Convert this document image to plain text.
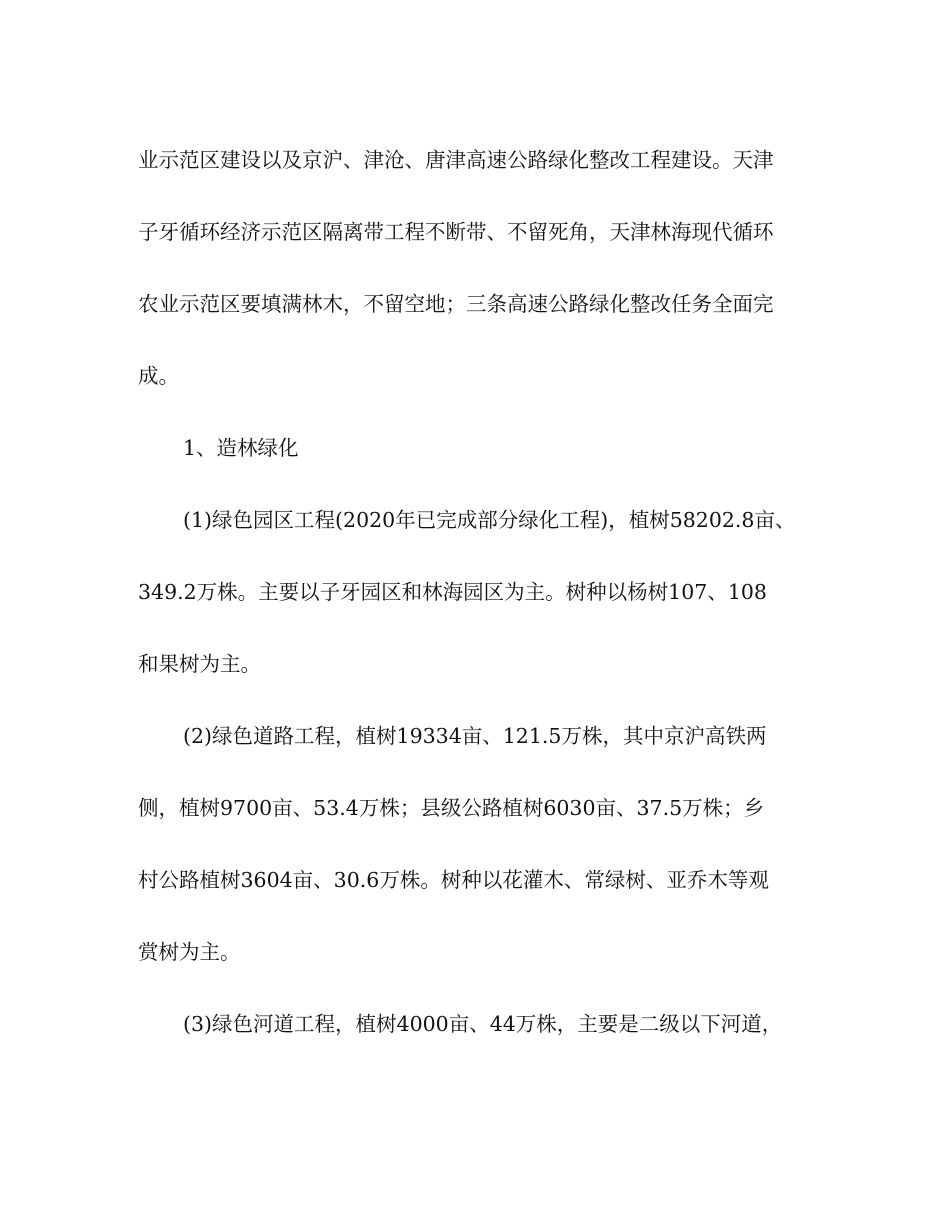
业示范区建设以及京沪、津沧、唐津高速公路绿化整改工程建设。天津
子牙循环经济示范区隔离带工程不断带、不留死角，天津林海现代循环
农业示范区要填满林木，不留空地；三条高速公路绿化整改任务全面完
成。
1、造林绿化
(1)绿色园区工程(2020年已完成部分绿化工程)，植树58202.8亩、
349.2万株。主要以子牙园区和林海园区为主。树种以杨树107、108
和果树为主。
(2)绿色道路工程，植树19334亩、121.5万株，其中京沪高铁两
侧，植树9700亩、53.4万株；县级公路植树6030亩、37.5万株；乡
村公路植树3604亩、30.6万株。树种以花灌木、常绿树、亚乔木等观
赏树为主。
(3)绿色河道工程，植树4000亩、44万株，主要是二级以下河道，
